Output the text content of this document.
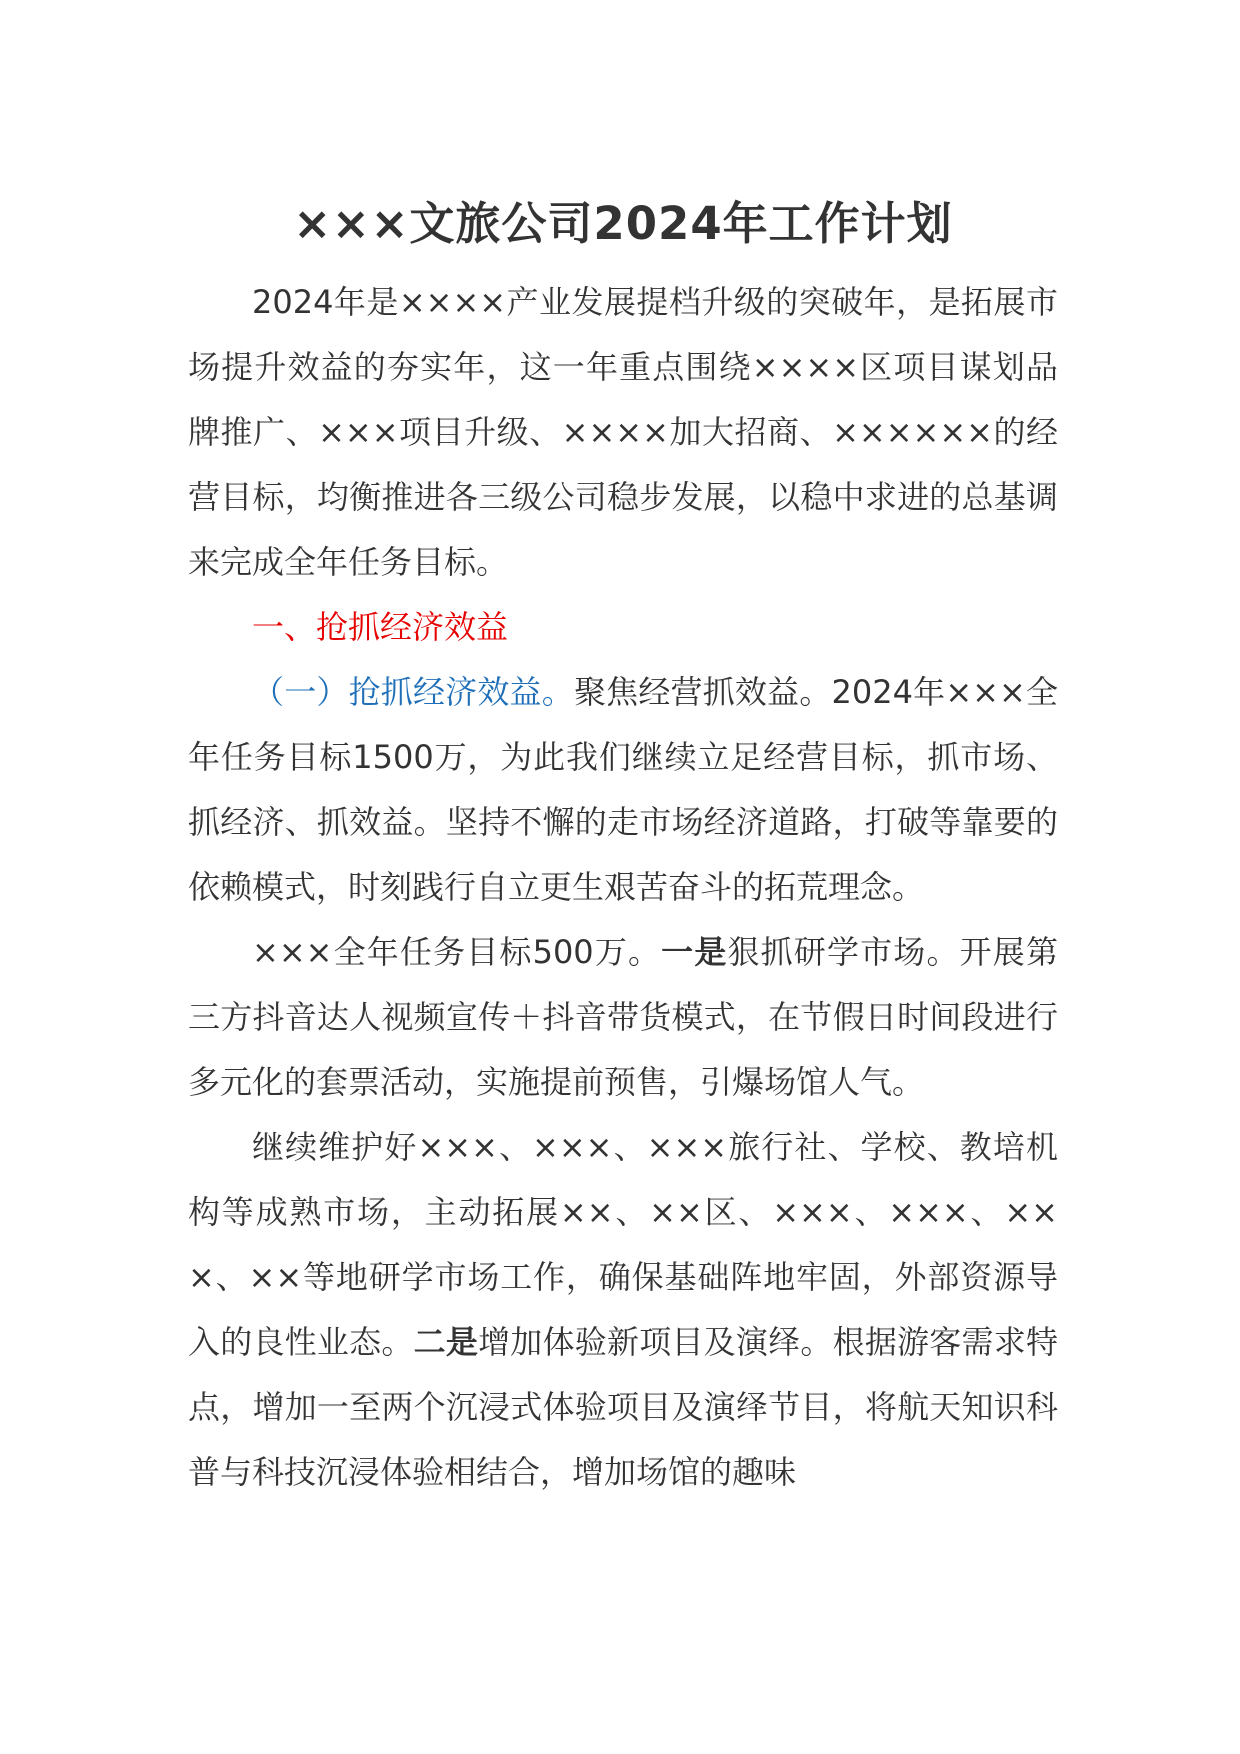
×××文旅公司2024年工作计划

2024年是××××产业发展提档升级的突破年，是拓展市场提升效益的夯实年，这一年重点围绕××××区项目谋划品牌推广、×××项目升级、××××加大招商、××××××的经营目标，均衡推进各三级公司稳步发展，以稳中求进的总基调来完成全年任务目标。

一、抢抓经济效益

（一）抢抓经济效益。聚焦经营抓效益。2024年×××全年任务目标1500万，为此我们继续立足经营目标，抓市场、抓经济、抓效益。坚持不懈的走市场经济道路，打破等靠要的依赖模式，时刻践行自立更生艰苦奋斗的拓荒理念。

×××全年任务目标500万。一是狠抓研学市场。开展第三方抖音达人视频宣传＋抖音带货模式，在节假日时间段进行多元化的套票活动，实施提前预售，引爆场馆人气。

继续维护好×××、×××、×××旅行社、学校、教培机构等成熟市场，主动拓展××、××区、×××、×××、×××、××等地研学市场工作，确保基础阵地牢固，外部资源导入的良性业态。二是增加体验新项目及演绎。根据游客需求特点，增加一至两个沉浸式体验项目及演绎节目，将航天知识科普与科技沉浸体验相结合，增加场馆的趣味
